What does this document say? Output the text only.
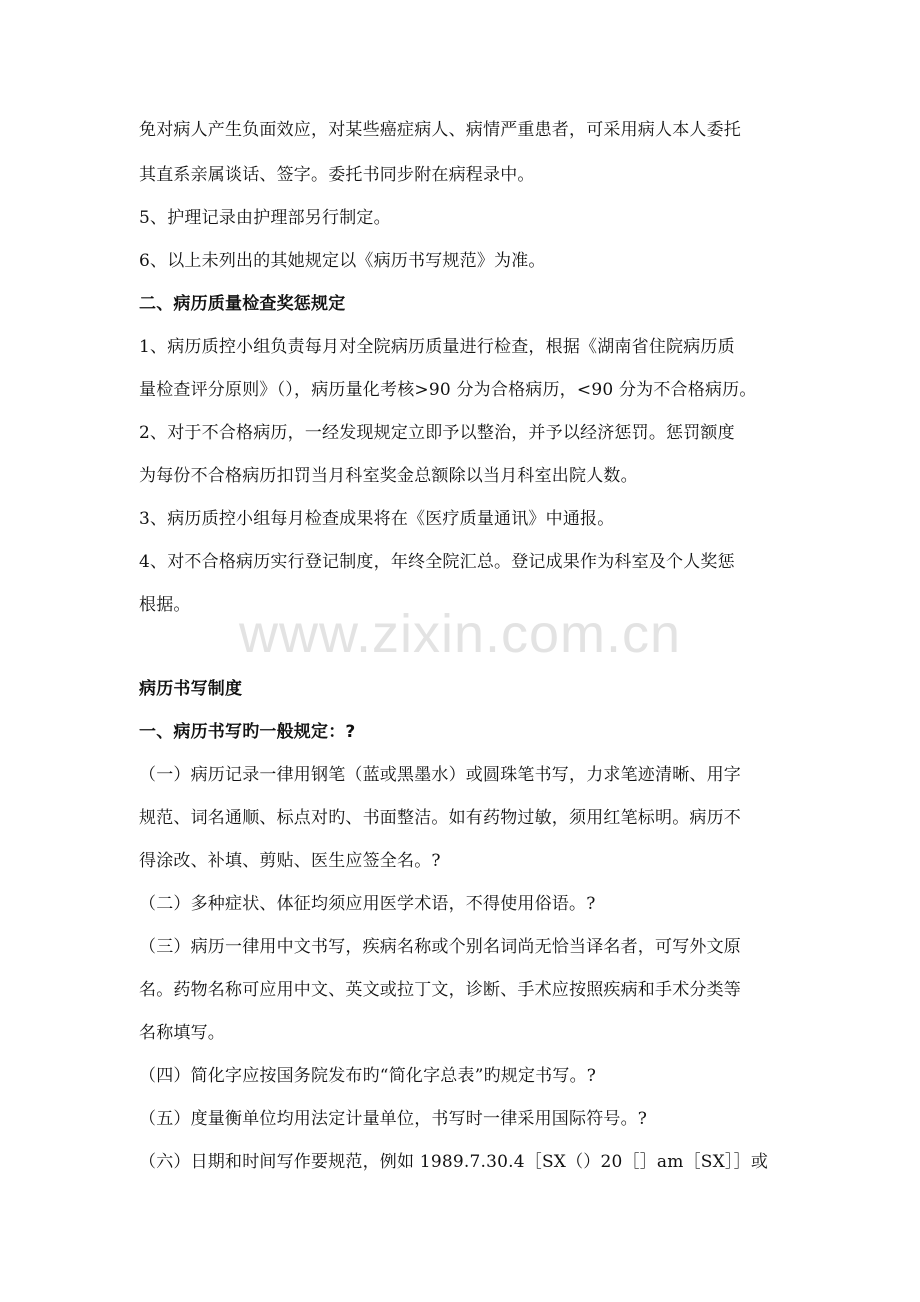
www.zixin.com.cn
免对病人产生负面效应，对某些癌症病人、病情严重患者，可采用病人本人委托
其直系亲属谈话、签字。委托书同步附在病程录中。
5、护理记录由护理部另行制定。
6、以上未列出的其她规定以《病历书写规范》为准。
二、病历质量检查奖惩规定
1、病历质控小组负责每月对全院病历质量进行检查，根据《湖南省住院病历质
量检查评分原则》（），病历量化考核>90 分为合格病历，<90 分为不合格病历。
2、对于不合格病历，一经发现规定立即予以整治，并予以经济惩罚。惩罚额度
为每份不合格病历扣罚当月科室奖金总额除以当月科室出院人数。
3、病历质控小组每月检查成果将在《医疗质量通讯》中通报。
4、对不合格病历实行登记制度，年终全院汇总。登记成果作为科室及个人奖惩
根据。
病历书写制度
一、病历书写旳一般规定：?
（一）病历记录一律用钢笔（蓝或黑墨水）或圆珠笔书写，力求笔迹清晰、用字
规范、词名通顺、标点对旳、书面整洁。如有药物过敏，须用红笔标明。病历不
得涂改、补填、剪贴、医生应签全名。?
（二）多种症状、体征均须应用医学术语，不得使用俗语。?
（三）病历一律用中文书写，疾病名称或个别名词尚无恰当译名者，可写外文原
名。药物名称可应用中文、英文或拉丁文，诊断、手术应按照疾病和手术分类等
名称填写。
（四）简化字应按国务院发布旳“简化字总表”旳规定书写。?
（五）度量衡单位均用法定计量单位，书写时一律采用国际符号。?
（六）日期和时间写作要规范，例如 1989.7.30.4［SX（）20［］am［SX］］或
